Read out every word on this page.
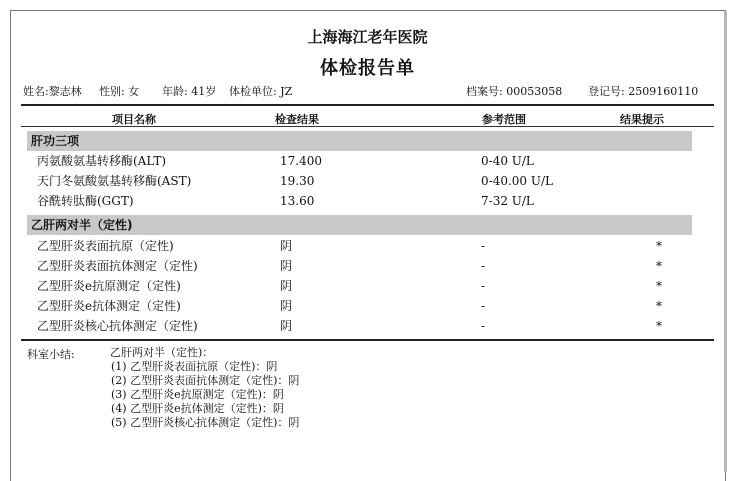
上海海江老年医院
体检报告单
姓名:黎志林 性别: 女 年龄: 41岁 体检单位: JZ	档案号: 00053058 登记号: 2509160110
项目名称	检查结果	参考范围	结果提示
肝功三项
丙氨酸氨基转移酶(ALT)	17.400	0-40 U/L
天门冬氨酸氨基转移酶(AST)	19.30	0-40.00 U/L
谷酰转肽酶(GGT)	13.60	7-32 U/L
乙肝两对半（定性)
乙型肝炎表面抗原（定性)	阴	-	*
乙型肝炎表面抗体测定（定性)	阴	-	*
乙型肝炎e抗原测定（定性)	阴	-	*
乙型肝炎e抗体测定（定性)	阴	-	*
乙型肝炎核心抗体测定（定性)	阴	-	*
科室小结:	乙肝两对半（定性)：
(1) 乙型肝炎表面抗原（定性)：阴
(2) 乙型肝炎表面抗体测定（定性)：阴
(3) 乙型肝炎e抗原测定（定性)：阴
(4) 乙型肝炎e抗体测定（定性)：阴
(5) 乙型肝炎核心抗体测定（定性)：阴
